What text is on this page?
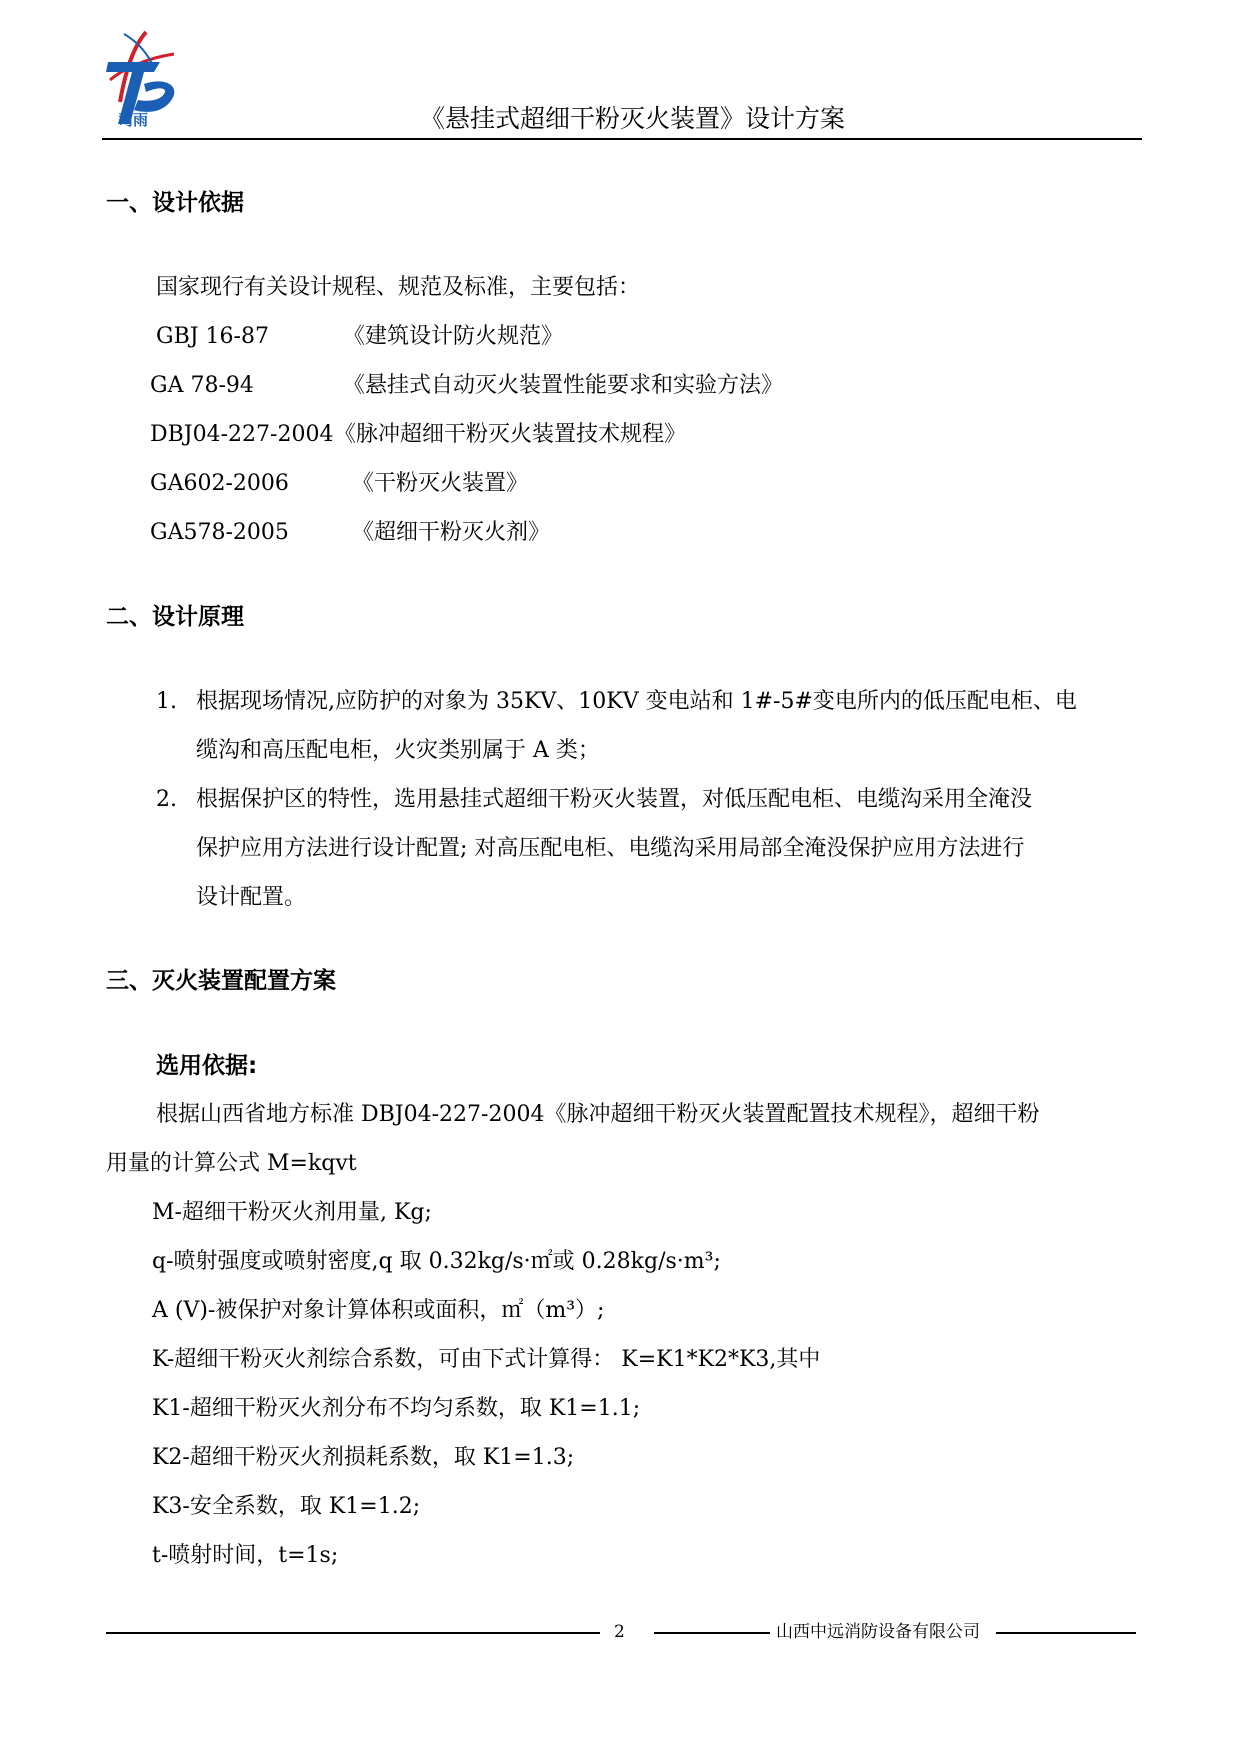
司雨	《悬挂式超细干粉灭火装置》设计方案
一、设计依据
国家现行有关设计规程、规范及标准，主要包括：
GBJ 16-87	《建筑设计防火规范》
GA 78-94	《悬挂式自动灭火装置性能要求和实验方法》
DBJ04-227-2004 《脉冲超细干粉灭火装置技术规程》
GA602-2006	《干粉灭火装置》
GA578-2005	《超细干粉灭火剂》
二、设计原理
1. 根据现场情况,应防护的对象为 35KV、10KV 变电站和 1#-5#变电所内的低压配电柜、电
缆沟和高压配电柜，火灾类别属于 A 类；
2. 根据保护区的特性，选用悬挂式超细干粉灭火装置，对低压配电柜、电缆沟采用全淹没
保护应用方法进行设计配置; 对高压配电柜、电缆沟采用局部全淹没保护应用方法进行
设计配置。
三、灭火装置配置方案
选用依据:
根据山西省地方标准 DBJ04-227-2004《脉冲超细干粉灭火装置配置技术规程》，超细干粉
用量的计算公式 M=kqvt
M-超细干粉灭火剂用量, Kg;
q-喷射强度或喷射密度,q 取 0.32kg/s·㎡或 0.28kg/s·m³;
A (V)-被保护对象计算体积或面积，㎡（m³）;
K-超细干粉灭火剂综合系数，可由下式计算得： K=K1*K2*K3,其中
K1-超细干粉灭火剂分布不均匀系数，取 K1=1.1;
K2-超细干粉灭火剂损耗系数，取 K1=1.3;
K3-安全系数，取 K1=1.2;
t-喷射时间，t=1s;
2	山西中远消防设备有限公司
